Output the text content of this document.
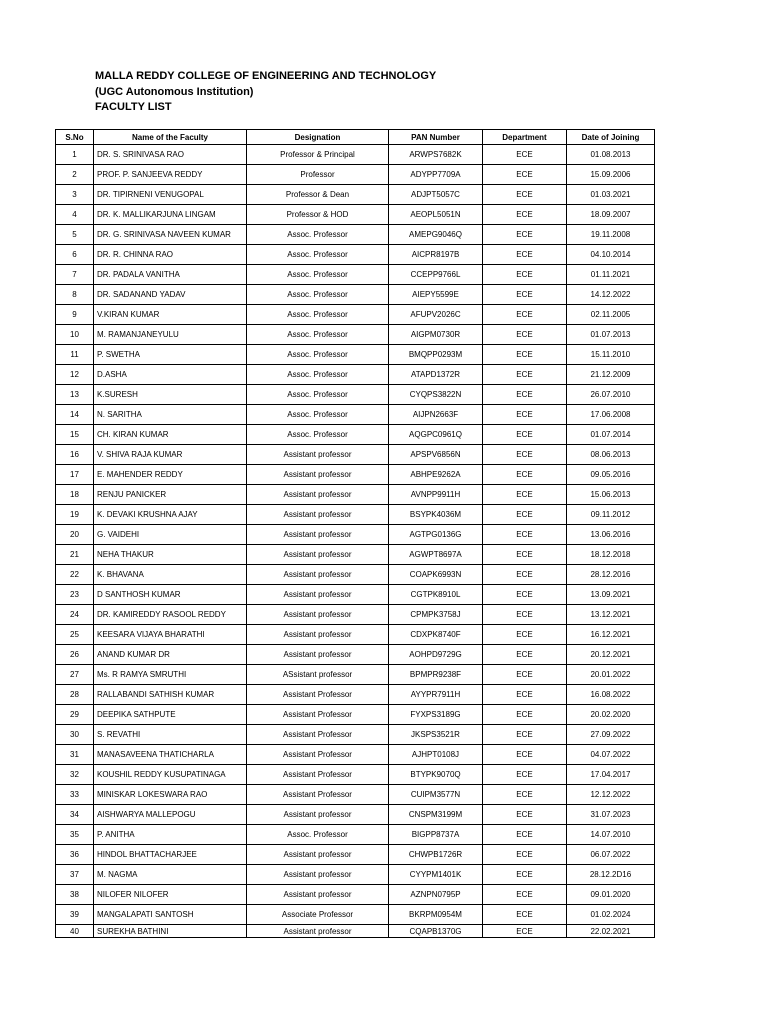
MALLA REDDY COLLEGE OF ENGINEERING AND TECHNOLOGY
(UGC Autonomous Institution)
FACULTY LIST
S.No	Name of the Faculty	Designation	PAN Number	Department	Date of Joining
1	DR. S. SRINIVASA RAO	Professor & Principal	ARWPS7682K	ECE	01.08.2013
2	PROF. P. SANJEEVA REDDY	Professor	ADYPP7709A	ECE	15.09.2006
3	DR. TIPIRNENI VENUGOPAL	Professor & Dean	ADJPT5057C	ECE	01.03.2021
4	DR. K. MALLIKARJUNA LINGAM	Professor & HOD	AEOPL5051N	ECE	18.09.2007
5	DR. G. SRINIVASA NAVEEN KUMAR	Assoc. Professor	AMEPG9046Q	ECE	19.11.2008
6	DR. R. CHINNA RAO	Assoc. Professor	AICPR8197B	ECE	04.10.2014
7	DR. PADALA VANITHA	Assoc. Professor	CCEPP9766L	ECE	01.11.2021
8	DR. SADANAND YADAV	Assoc. Professor	AIEPY5599E	ECE	14.12.2022
9	V.KIRAN KUMAR	Assoc. Professor	AFUPV2026C	ECE	02.11.2005
10	M. RAMANJANEYULU	Assoc. Professor	AIGPM0730R	ECE	01.07.2013
11	P. SWETHA	Assoc. Professor	BMQPP0293M	ECE	15.11.2010
12	D.ASHA	Assoc. Professor	ATAPD1372R	ECE	21.12.2009
13	K.SURESH	Assoc. Professor	CYQPS3822N	ECE	26.07.2010
14	N. SARITHA	Assoc. Professor	AIJPN2663F	ECE	17.06.2008
15	CH. KIRAN KUMAR	Assoc. Professor	AQGPC0961Q	ECE	01.07.2014
16	V. SHIVA RAJA KUMAR	Assistant professor	APSPV6856N	ECE	08.06.2013
17	E. MAHENDER REDDY	Assistant professor	ABHPE9262A	ECE	09.05.2016
18	RENJU PANICKER	Assistant professor	AVNPP9911H	ECE	15.06.2013
19	K. DEVAKI KRUSHNA AJAY	Assistant professor	BSYPK4036M	ECE	09.11.2012
20	G. VAIDEHI	Assistant professor	AGTPG0136G	ECE	13.06.2016
21	NEHA THAKUR	Assistant professor	AGWPT8697A	ECE	18.12.2018
22	K. BHAVANA	Assistant professor	COAPK6993N	ECE	28.12.2016
23	D SANTHOSH KUMAR	Assistant professor	CGTPK8910L	ECE	13.09.2021
24	DR. KAMIREDDY RASOOL REDDY	Assistant professor	CPMPK3758J	ECE	13.12.2021
25	KEESARA VIJAYA BHARATHI	Assistant professor	CDXPK8740F	ECE	16.12.2021
26	ANAND KUMAR DR	Assistant professor	AOHPD9729G	ECE	20.12.2021
27	Ms. R RAMYA SMRUTHI	ASsistant professor	BPMPR9238F	ECE	20.01.2022
28	RALLABANDI SATHISH KUMAR	Assistant Professor	AYYPR7911H	ECE	16.08.2022
29	DEEPIKA SATHPUTE	Assistant Professor	FYXPS3189G	ECE	20.02.2020
30	S. REVATHI	Assistant Professor	JKSPS3521R	ECE	27.09.2022
31	MANASAVEENA THATICHARLA	Assistant Professor	AJHPT0108J	ECE	04.07.2022
32	KOUSHIL REDDY KUSUPATINAGA	Assistant Professor	BTYPK9070Q	ECE	17.04.2017
33	MINISKAR LOKESWARA RAO	Assistant Professor	CUIPM3577N	ECE	12.12.2022
34	AISHWARYA MALLEPOGU	Assistant professor	CNSPM3199M	ECE	31.07.2023
35	P. ANITHA	Assoc. Professor	BIGPP8737A	ECE	14.07.2010
36	HINDOL BHATTACHARJEE	Assistant professor	CHWPB1726R	ECE	06.07.2022
37	M. NAGMA	Assistant professor	CYYPM1401K	ECE	28.12.2D16
38	NILOFER NILOFER	Assistant professor	AZNPN0795P	ECE	09.01.2020
39	MANGALAPATI SANTOSH	Associate Professor	BKRPM0954M	ECE	01.02.2024
40	SUREKHA BATHINI	Assistant professor	CQAPB1370G	ECE	22.02.2021
